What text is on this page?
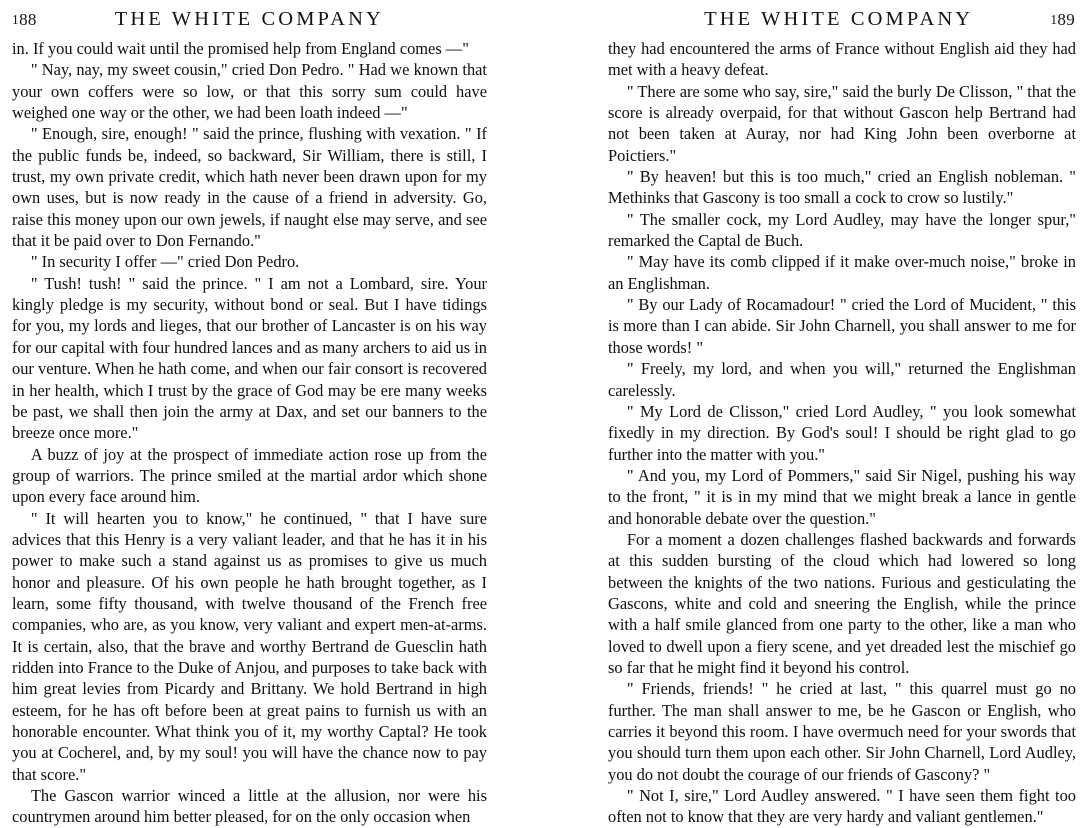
188	THE WHITE COMPANY

in. If you could wait until the promised help from England comes —"

" Nay, nay, my sweet cousin," cried Don Pedro. " Had we known that your own coffers were so low, or that this sorry sum could have weighed one way or the other, we had been loath indeed —"

" Enough, sire, enough! " said the prince, flushing with vexation. " If the public funds be, indeed, so backward, Sir William, there is still, I trust, my own private credit, which hath never been drawn upon for my own uses, but is now ready in the cause of a friend in adversity. Go, raise this money upon our own jewels, if naught else may serve, and see that it be paid over to Don Fernando."

" In security I offer —" cried Don Pedro.

" Tush! tush! " said the prince. " I am not a Lombard, sire. Your kingly pledge is my security, without bond or seal. But I have tidings for you, my lords and lieges, that our brother of Lancaster is on his way for our capital with four hundred lances and as many archers to aid us in our venture. When he hath come, and when our fair consort is recovered in her health, which I trust by the grace of God may be ere many weeks be past, we shall then join the army at Dax, and set our banners to the breeze once more."

A buzz of joy at the prospect of immediate action rose up from the group of warriors. The prince smiled at the martial ardor which shone upon every face around him.

" It will hearten you to know," he continued, " that I have sure advices that this Henry is a very valiant leader, and that he has it in his power to make such a stand against us as promises to give us much honor and pleasure. Of his own people he hath brought together, as I learn, some fifty thousand, with twelve thousand of the French free companies, who are, as you know, very valiant and expert men-at-arms. It is certain, also, that the brave and worthy Bertrand de Guesclin hath ridden into France to the Duke of Anjou, and purposes to take back with him great levies from Picardy and Brittany. We hold Bertrand in high esteem, for he has oft before been at great pains to furnish us with an honorable encounter. What think you of it, my worthy Captal? He took you at Cocherel, and, by my soul! you will have the chance now to pay that score."

The Gascon warrior winced a little at the allusion, nor were his countrymen around him better pleased, for on the only occasion when

THE WHITE COMPANY	189

they had encountered the arms of France without English aid they had met with a heavy defeat.

" There are some who say, sire," said the burly De Clisson, " that the score is already overpaid, for that without Gascon help Bertrand had not been taken at Auray, nor had King John been overborne at Poictiers."

" By heaven! but this is too much," cried an English nobleman. " Methinks that Gascony is too small a cock to crow so lustily."

" The smaller cock, my Lord Audley, may have the longer spur," remarked the Captal de Buch.

" May have its comb clipped if it make over-much noise," broke in an Englishman.

" By our Lady of Rocamadour! " cried the Lord of Mucident, " this is more than I can abide. Sir John Charnell, you shall answer to me for those words! "

" Freely, my lord, and when you will," returned the Englishman carelessly.

" My Lord de Clisson," cried Lord Audley, " you look somewhat fixedly in my direction. By God's soul! I should be right glad to go further into the matter with you."

" And you, my Lord of Pommers," said Sir Nigel, pushing his way to the front, " it is in my mind that we might break a lance in gentle and honorable debate over the question."

For a moment a dozen challenges flashed backwards and forwards at this sudden bursting of the cloud which had lowered so long between the knights of the two nations. Furious and gesticulating the Gascons, white and cold and sneering the English, while the prince with a half smile glanced from one party to the other, like a man who loved to dwell upon a fiery scene, and yet dreaded lest the mischief go so far that he might find it beyond his control.

" Friends, friends! " he cried at last, " this quarrel must go no further. The man shall answer to me, be he Gascon or English, who carries it beyond this room. I have overmuch need for your swords that you should turn them upon each other. Sir John Charnell, Lord Audley, you do not doubt the courage of our friends of Gascony? "

" Not I, sire," Lord Audley answered. " I have seen them fight too often not to know that they are very hardy and valiant gentlemen."
